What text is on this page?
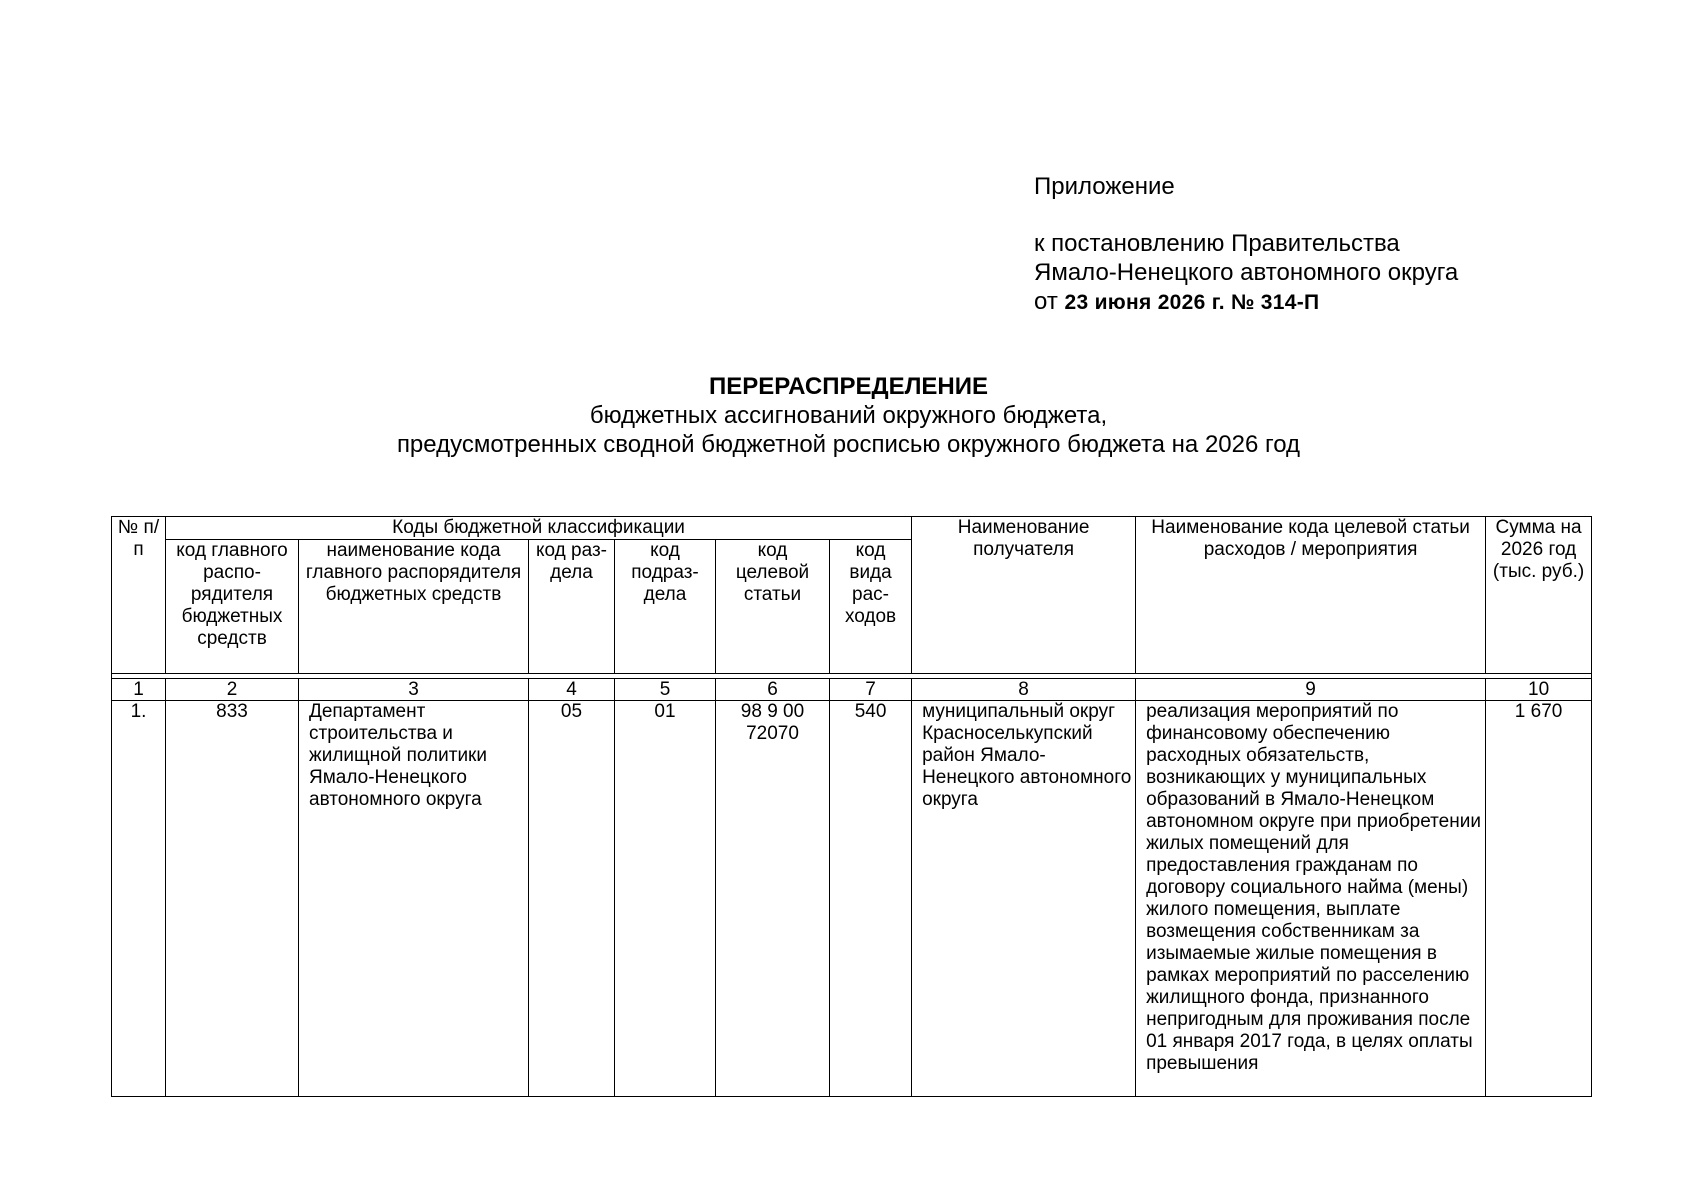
Приложение
к постановлению Правительства
Ямало-Ненецкого автономного округа
от 23 июня 2026 г. № 314-П
ПЕРЕРАСПРЕДЕЛЕНИЕ
бюджетных ассигнований окружного бюджета,
предусмотренных сводной бюджетной росписью окружного бюджета на 2026 год
№ п/п	Коды бюджетной классификации						Наименование получателя	Наименование кода целевой статьи расходов / мероприятия	Сумма на 2026 год (тыс. руб.)
	код главного распо-рядителя бюджетных средств	наименование кода главного распорядителя бюджетных средств	код раз-дела	код подраз-дела	код целевой статьи	код вида рас-ходов			

1	2	3	4	5	6	7	8	9	10
1.	833	Департамент строительства и жилищной политики Ямало-Ненецкого автономного округа	05	01	98 9 00 72070	540	муниципальный округ Красноселькупский район Ямало-Ненецкого автономного округа	реализация мероприятий по финансовому обеспечению расходных обязательств, возникающих у муниципальных образований в Ямало-Ненецком автономном округе при приобретении жилых помещений для предоставления гражданам по договору социального найма (мены) жилого помещения, выплате возмещения собственникам за изымаемые жилые помещения в рамках мероприятий по расселению жилищного фонда, признанного непригодным для проживания после 01 января 2017 года, в целях оплаты превышения	1 670
